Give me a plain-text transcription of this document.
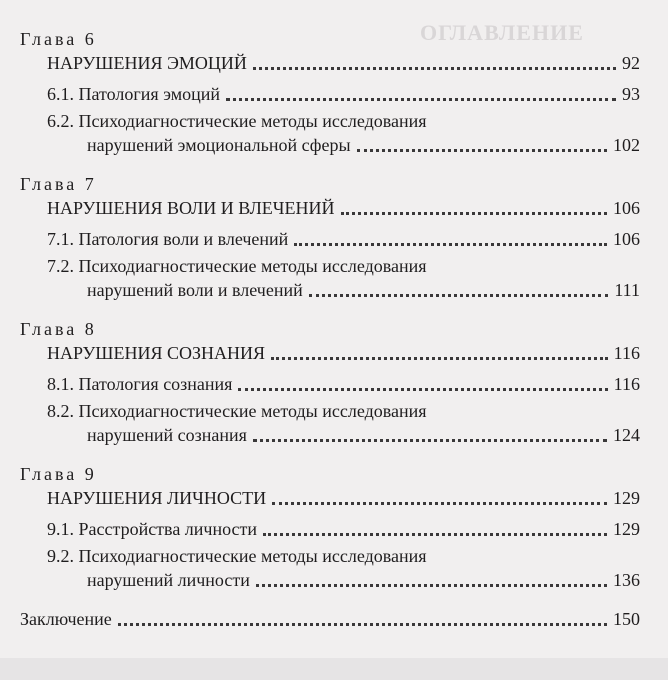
ОГЛАВЛЕНИЕ
Глава 6
НАРУШЕНИЯ ЭМОЦИЙ	92
6.1. Патология эмоций	93
6.2. Психодиагностические методы исследования
нарушений эмоциональной сферы	102
Глава 7
НАРУШЕНИЯ ВОЛИ И ВЛЕЧЕНИЙ	106
7.1. Патология воли и влечений	106
7.2. Психодиагностические методы исследования
нарушений воли и влечений	111
Глава 8
НАРУШЕНИЯ СОЗНАНИЯ	116
8.1. Патология сознания	116
8.2. Психодиагностические методы исследования
нарушений сознания	124
Глава 9
НАРУШЕНИЯ ЛИЧНОСТИ	129
9.1. Расстройства личности	129
9.2. Психодиагностические методы исследования
нарушений личности	136
Заключение	150
